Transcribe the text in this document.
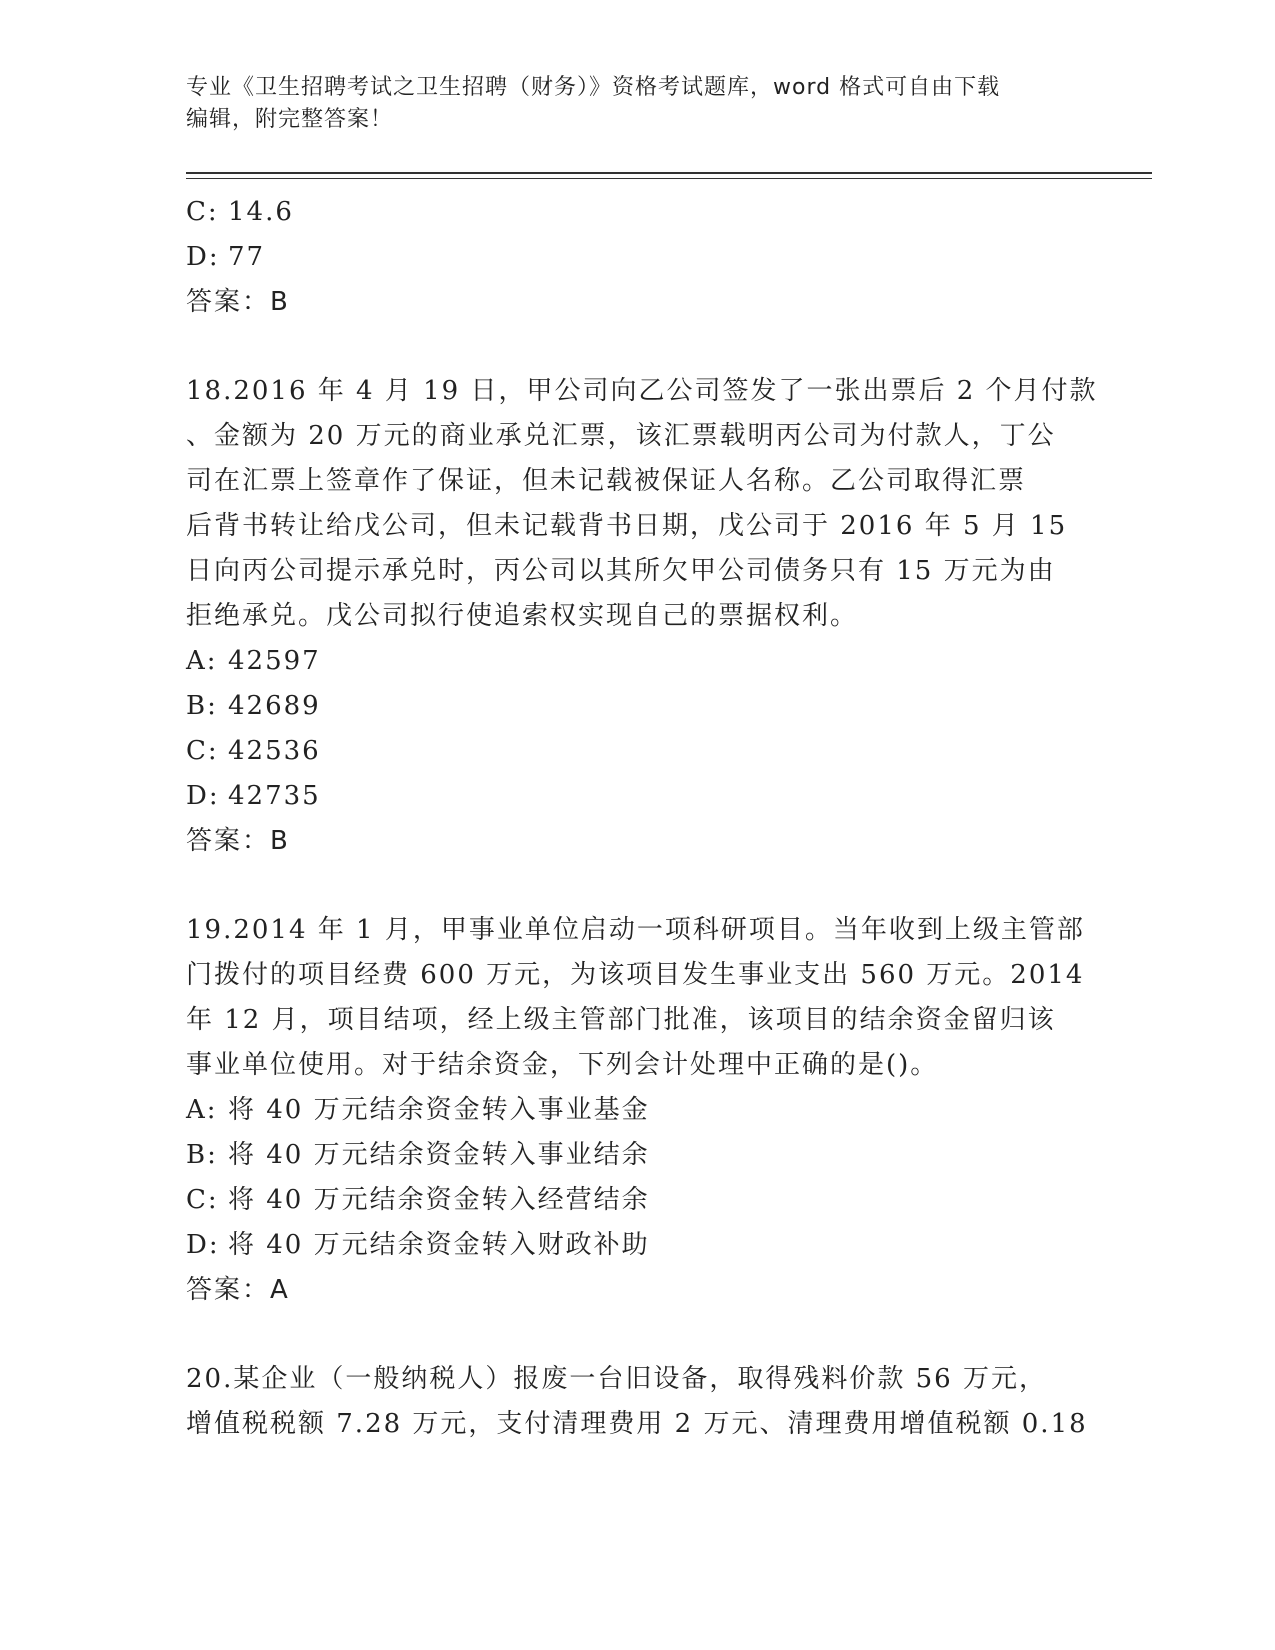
专业《卫生招聘考试之卫生招聘（财务）》资格考试题库，word 格式可自由下载
编辑，附完整答案！
C: 14.6
D: 77
答案：B
18.2016 年 4 月 19 日，甲公司向乙公司签发了一张出票后 2 个月付款
、金额为 20 万元的商业承兑汇票，该汇票载明丙公司为付款人，丁公
司在汇票上签章作了保证，但未记载被保证人名称。乙公司取得汇票
后背书转让给戊公司，但未记载背书日期，戊公司于 2016 年 5 月 15
日向丙公司提示承兑时，丙公司以其所欠甲公司债务只有 15 万元为由
拒绝承兑。戊公司拟行使追索权实现自己的票据权利。
A: 42597
B: 42689
C: 42536
D: 42735
答案：B
19.2014 年 1 月，甲事业单位启动一项科研项目。当年收到上级主管部
门拨付的项目经费 600 万元，为该项目发生事业支出 560 万元。2014
年 12 月，项目结项，经上级主管部门批准，该项目的结余资金留归该
事业单位使用。对于结余资金，下列会计处理中正确的是()。
A: 将 40 万元结余资金转入事业基金
B: 将 40 万元结余资金转入事业结余
C: 将 40 万元结余资金转入经营结余
D: 将 40 万元结余资金转入财政补助
答案：A
20.某企业（一般纳税人）报废一台旧设备，取得残料价款 56 万元，
增值税税额 7.28 万元，支付清理费用 2 万元、清理费用增值税额 0.18
